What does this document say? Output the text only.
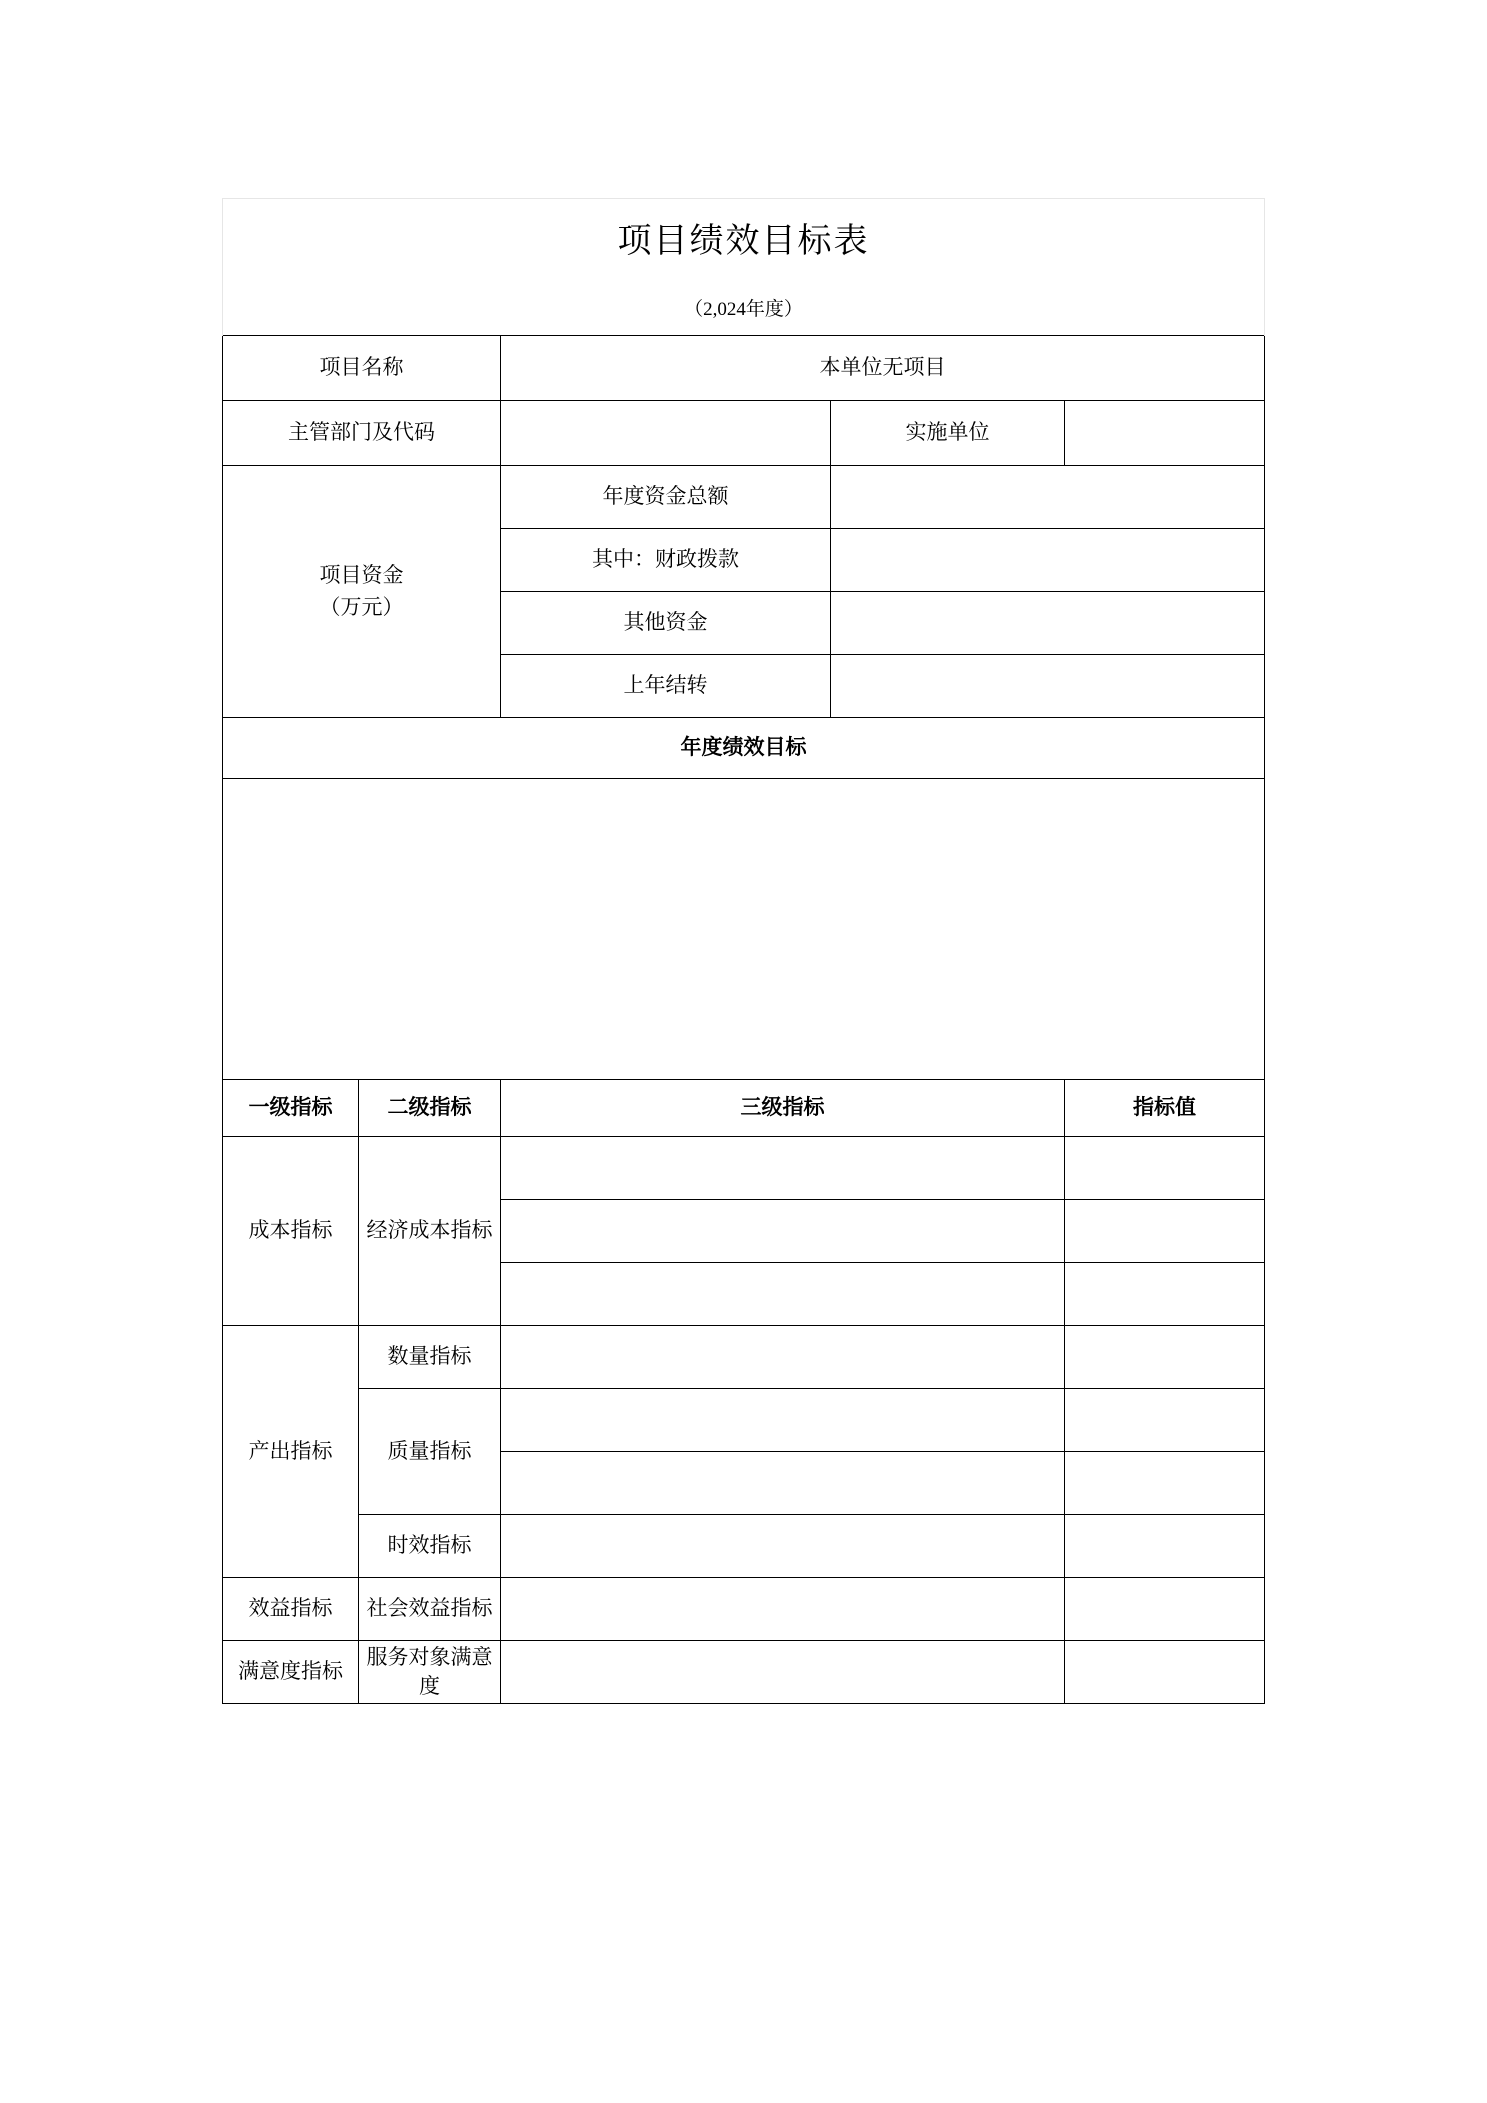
项目绩效目标表				
（2,024年度）				
项目名称		本单位无项目		
主管部门及代码			实施单位	

项目资金
（万元）		年度资金总额		
		其中：财政拨款		
		其他资金		
		上年结转		
年度绩效目标				

一级指标	二级指标	三级指标		指标值
成本指标	经济成本指标			

产出指标	数量指标			
	质量指标			

	时效指标			
效益指标	社会效益指标			
满意度指标	服务对象满意度			
